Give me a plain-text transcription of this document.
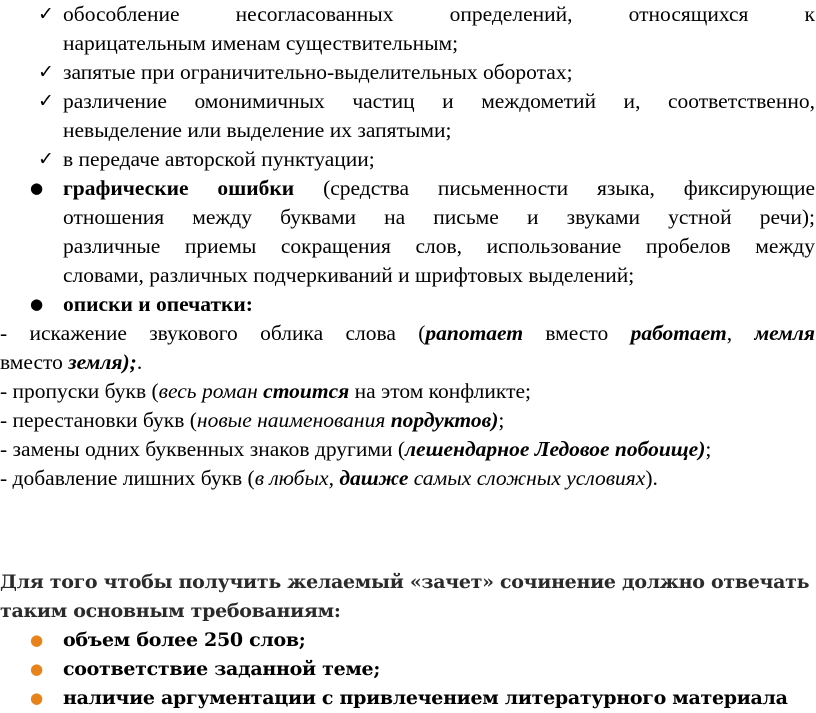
✓ обособление несогласованных определений, относящихся к
нарицательным именам существительным;
✓ запятые при ограничительно-выделительных оборотах;
✓ различение омонимичных частиц и междометий и, соответственно,
невыделение или выделение их запятыми;
✓ в передаче авторской пунктуации;
● графические ошибки (средства письменности языка, фиксирующие
отношения между буквами на письме и звуками устной речи);
различные приемы сокращения слов, использование пробелов между
словами, различных подчеркиваний и шрифтовых выделений;
● описки и опечатки:
- искажение звукового облика слова (рапотает вместо работает, мемля
вместо земля);.
- пропуски букв (весь роман стоится на этом конфликте;
- перестановки букв (новые наименования пордуктов);
- замены одних буквенных знаков другими (лешендарное Ледовое побоище);
- добавление лишних букв (в любых, дашже самых сложных условиях).
Для того чтобы получить желаемый «зачет» сочинение должно отвечать
таким основным требованиям:
● объем более 250 слов;
● соответствие заданной теме;
● наличие аргументации с привлечением литературного материала
